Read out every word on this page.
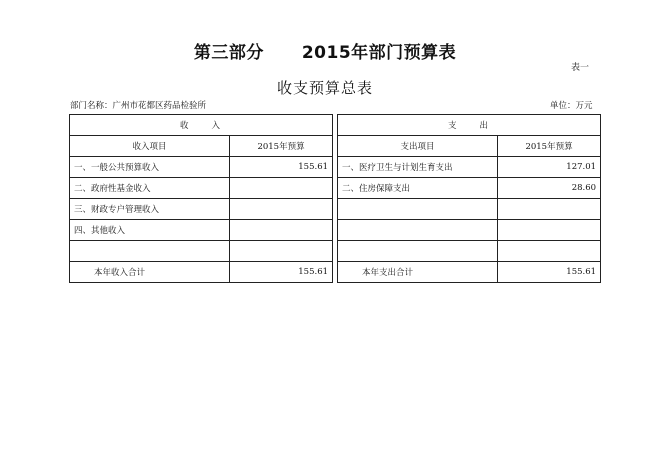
第三部分 2015年部门预算表
表一
收支预算总表
部门名称：广州市花都区药品检验所	单位：万元
收　　入			支　　出	
收入项目	2015年预算		支出项目	2015年预算
一、一般公共预算收入	155.61		一、医疗卫生与计划生育支出	127.01
二、政府性基金收入			二、住房保障支出	28.60
三、财政专户管理收入				
四、其他收入				

本年收入合计	155.61		本年支出合计	155.61
